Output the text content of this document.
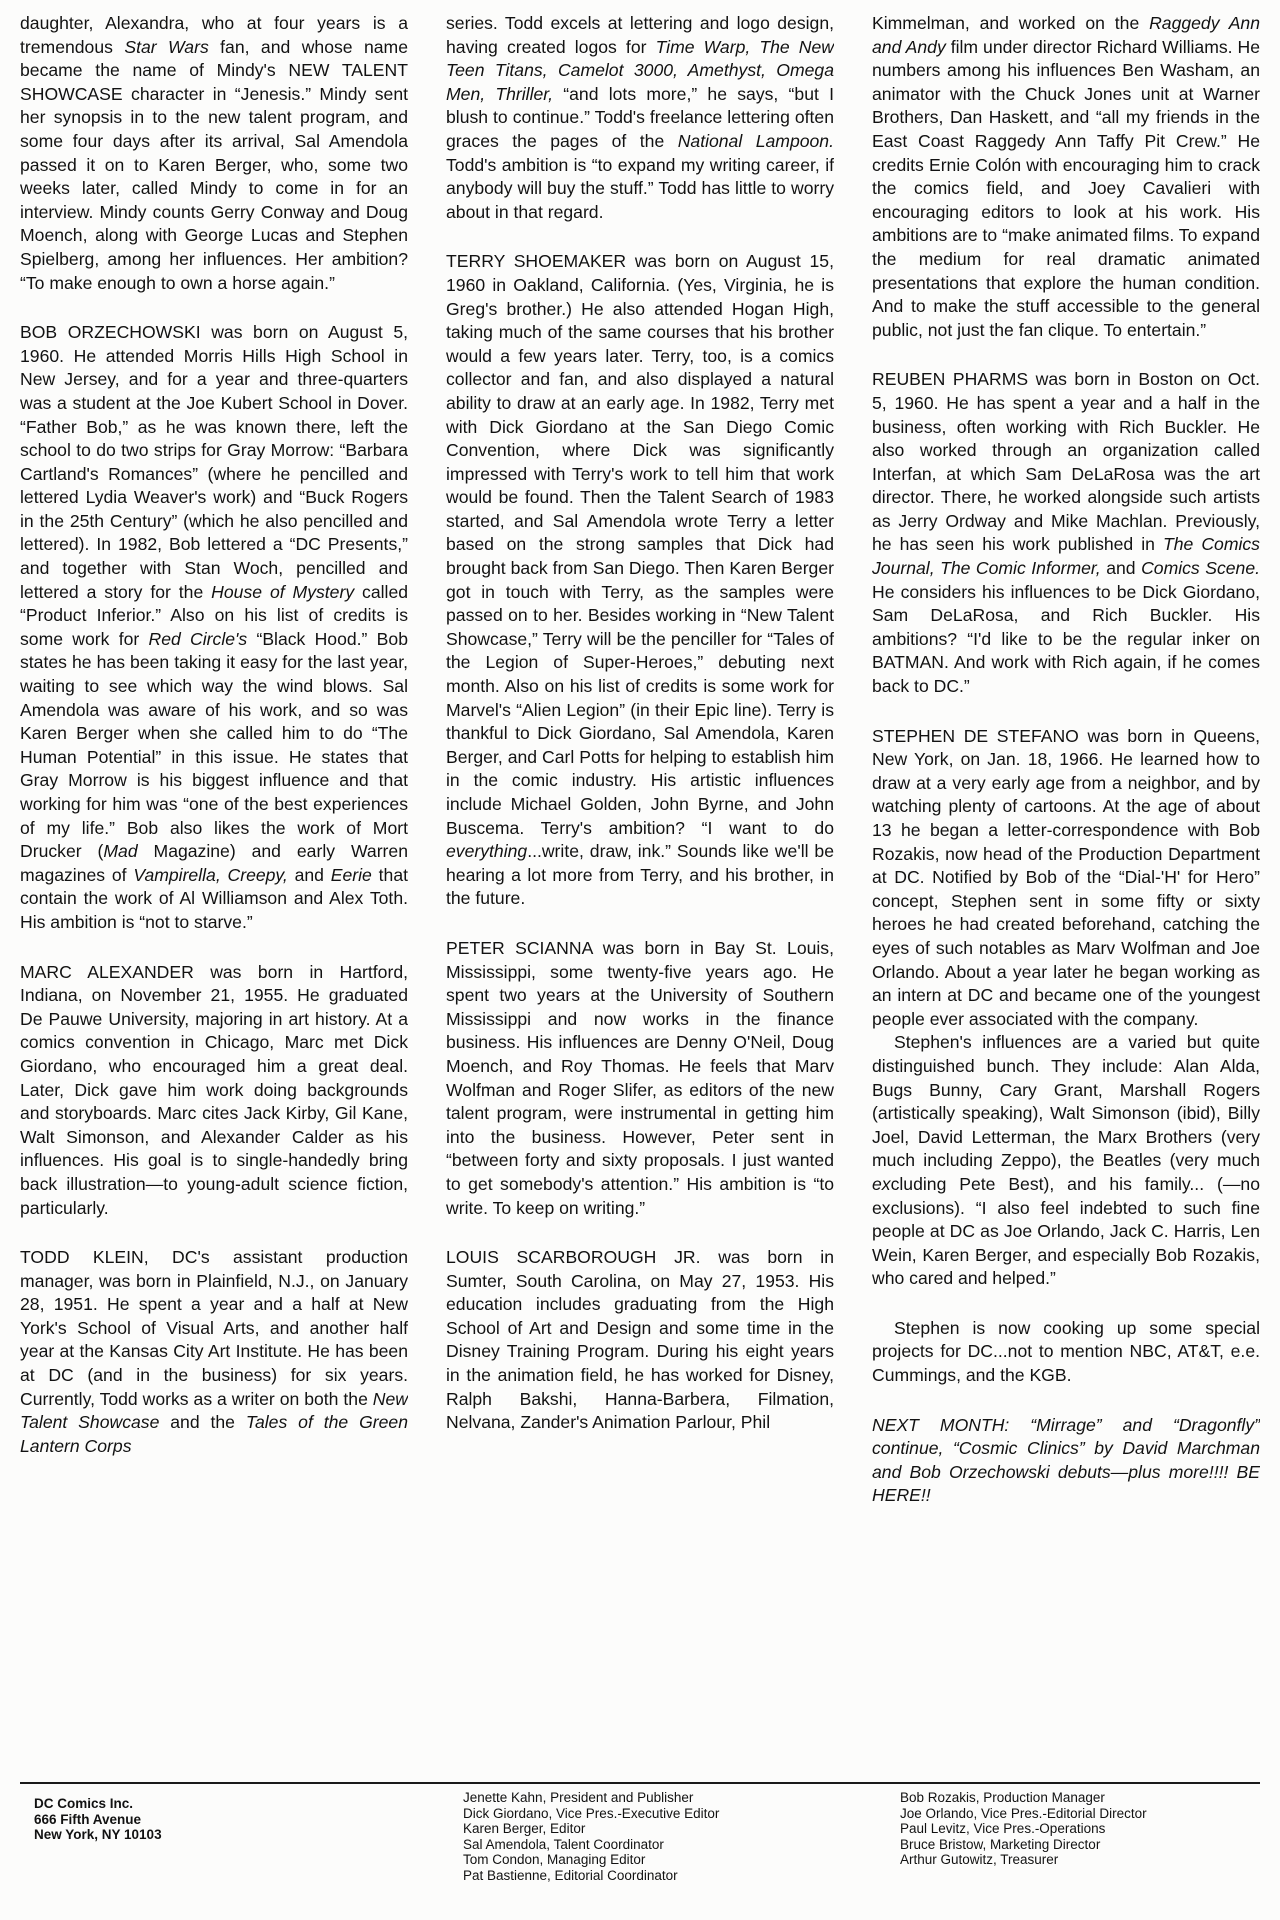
daughter, Alexandra, who at four years is a tremendous Star Wars fan, and whose name became the name of Mindy's NEW TALENT SHOWCASE character in “Jenesis.” Mindy sent her synopsis in to the new talent program, and some four days after its arrival, Sal Amendola passed it on to Karen Berger, who, some two weeks later, called Mindy to come in for an interview. Mindy counts Gerry Conway and Doug Moench, along with George Lucas and Stephen Spielberg, among her influences. Her ambition? “To make enough to own a horse again.”

BOB ORZECHOWSKI was born on August 5, 1960. He attended Morris Hills High School in New Jersey, and for a year and three-quarters was a student at the Joe Kubert School in Dover. “Father Bob,” as he was known there, left the school to do two strips for Gray Morrow: “Barbara Cartland's Romances” (where he pencilled and lettered Lydia Weaver's work) and “Buck Rogers in the 25th Century” (which he also pencilled and lettered). In 1982, Bob lettered a “DC Presents,” and together with Stan Woch, pencilled and lettered a story for the House of Mystery called “Product Inferior.” Also on his list of credits is some work for Red Circle's “Black Hood.” Bob states he has been taking it easy for the last year, waiting to see which way the wind blows. Sal Amendola was aware of his work, and so was Karen Berger when she called him to do “The Human Potential” in this issue. He states that Gray Morrow is his biggest influence and that working for him was “one of the best experiences of my life.” Bob also likes the work of Mort Drucker (Mad Magazine) and early Warren magazines of Vampirella, Creepy, and Eerie that contain the work of Al Williamson and Alex Toth. His ambition is “not to starve.”

MARC ALEXANDER was born in Hartford, Indiana, on November 21, 1955. He graduated De Pauwe University, majoring in art history. At a comics convention in Chicago, Marc met Dick Giordano, who encouraged him a great deal. Later, Dick gave him work doing backgrounds and storyboards. Marc cites Jack Kirby, Gil Kane, Walt Simonson, and Alexander Calder as his influences. His goal is to single-handedly bring back illustration—to young-adult science fiction, particularly.

TODD KLEIN, DC's assistant production manager, was born in Plainfield, N.J., on January 28, 1951. He spent a year and a half at New York's School of Visual Arts, and another half year at the Kansas City Art Institute. He has been at DC (and in the business) for six years. Currently, Todd works as a writer on both the New Talent Showcase and the Tales of the Green Lantern Corps

series. Todd excels at lettering and logo design, having created logos for Time Warp, The New Teen Titans, Camelot 3000, Amethyst, Omega Men, Thriller, “and lots more,” he says, “but I blush to continue.” Todd's freelance lettering often graces the pages of the National Lampoon. Todd's ambition is “to expand my writing career, if anybody will buy the stuff.” Todd has little to worry about in that regard.

TERRY SHOEMAKER was born on August 15, 1960 in Oakland, California. (Yes, Virginia, he is Greg's brother.) He also attended Hogan High, taking much of the same courses that his brother would a few years later. Terry, too, is a comics collector and fan, and also displayed a natural ability to draw at an early age. In 1982, Terry met with Dick Giordano at the San Diego Comic Convention, where Dick was significantly impressed with Terry's work to tell him that work would be found. Then the Talent Search of 1983 started, and Sal Amendola wrote Terry a letter based on the strong samples that Dick had brought back from San Diego. Then Karen Berger got in touch with Terry, as the samples were passed on to her. Besides working in “New Talent Showcase,” Terry will be the penciller for “Tales of the Legion of Super-Heroes,” debuting next month. Also on his list of credits is some work for Marvel's “Alien Legion” (in their Epic line). Terry is thankful to Dick Giordano, Sal Amendola, Karen Berger, and Carl Potts for helping to establish him in the comic industry. His artistic influences include Michael Golden, John Byrne, and John Buscema. Terry's ambition? “I want to do everything...write, draw, ink.” Sounds like we'll be hearing a lot more from Terry, and his brother, in the future.

PETER SCIANNA was born in Bay St. Louis, Mississippi, some twenty-five years ago. He spent two years at the University of Southern Mississippi and now works in the finance business. His influences are Denny O'Neil, Doug Moench, and Roy Thomas. He feels that Marv Wolfman and Roger Slifer, as editors of the new talent program, were instrumental in getting him into the business. However, Peter sent in “between forty and sixty proposals. I just wanted to get somebody's attention.” His ambition is “to write. To keep on writing.”

LOUIS SCARBOROUGH JR. was born in Sumter, South Carolina, on May 27, 1953. His education includes graduating from the High School of Art and Design and some time in the Disney Training Program. During his eight years in the animation field, he has worked for Disney, Ralph Bakshi, Hanna-Barbera, Filmation, Nelvana, Zander's Animation Parlour, Phil

Kimmelman, and worked on the Raggedy Ann and Andy film under director Richard Williams. He numbers among his influences Ben Washam, an animator with the Chuck Jones unit at Warner Brothers, Dan Haskett, and “all my friends in the East Coast Raggedy Ann Taffy Pit Crew.” He credits Ernie Colón with encouraging him to crack the comics field, and Joey Cavalieri with encouraging editors to look at his work. His ambitions are to “make animated films. To expand the medium for real dramatic animated presentations that explore the human condition. And to make the stuff accessible to the general public, not just the fan clique. To entertain.”

REUBEN PHARMS was born in Boston on Oct. 5, 1960. He has spent a year and a half in the business, often working with Rich Buckler. He also worked through an organization called Interfan, at which Sam DeLaRosa was the art director. There, he worked alongside such artists as Jerry Ordway and Mike Machlan. Previously, he has seen his work published in The Comics Journal, The Comic Informer, and Comics Scene. He considers his influences to be Dick Giordano, Sam DeLaRosa, and Rich Buckler. His ambitions? “I'd like to be the regular inker on BATMAN. And work with Rich again, if he comes back to DC.”

STEPHEN DE STEFANO was born in Queens, New York, on Jan. 18, 1966. He learned how to draw at a very early age from a neighbor, and by watching plenty of cartoons. At the age of about 13 he began a letter-correspondence with Bob Rozakis, now head of the Production Department at DC. Notified by Bob of the “Dial-'H' for Hero” concept, Stephen sent in some fifty or sixty heroes he had created beforehand, catching the eyes of such notables as Marv Wolfman and Joe Orlando. About a year later he began working as an intern at DC and became one of the youngest people ever associated with the company.

Stephen's influences are a varied but quite distinguished bunch. They include: Alan Alda, Bugs Bunny, Cary Grant, Marshall Rogers (artistically speaking), Walt Simonson (ibid), Billy Joel, David Letterman, the Marx Brothers (very much including Zeppo), the Beatles (very much excluding Pete Best), and his family... (—no exclusions). “I also feel indebted to such fine people at DC as Joe Orlando, Jack C. Harris, Len Wein, Karen Berger, and especially Bob Rozakis, who cared and helped.”

Stephen is now cooking up some special projects for DC...not to mention NBC, AT&T, e.e. Cummings, and the KGB.

NEXT MONTH: “Mirrage” and “Dragonfly” continue, “Cosmic Clinics” by David Marchman and Bob Orzechowski debuts—plus more!!!! BE HERE!!

DC Comics Inc.
666 Fifth Avenue
New York, NY 10103
Jenette Kahn, President and Publisher
Dick Giordano, Vice Pres.-Executive Editor
Karen Berger, Editor
Sal Amendola, Talent Coordinator
Tom Condon, Managing Editor
Pat Bastienne, Editorial Coordinator
Bob Rozakis, Production Manager
Joe Orlando, Vice Pres.-Editorial Director
Paul Levitz, Vice Pres.-Operations
Bruce Bristow, Marketing Director
Arthur Gutowitz, Treasurer
